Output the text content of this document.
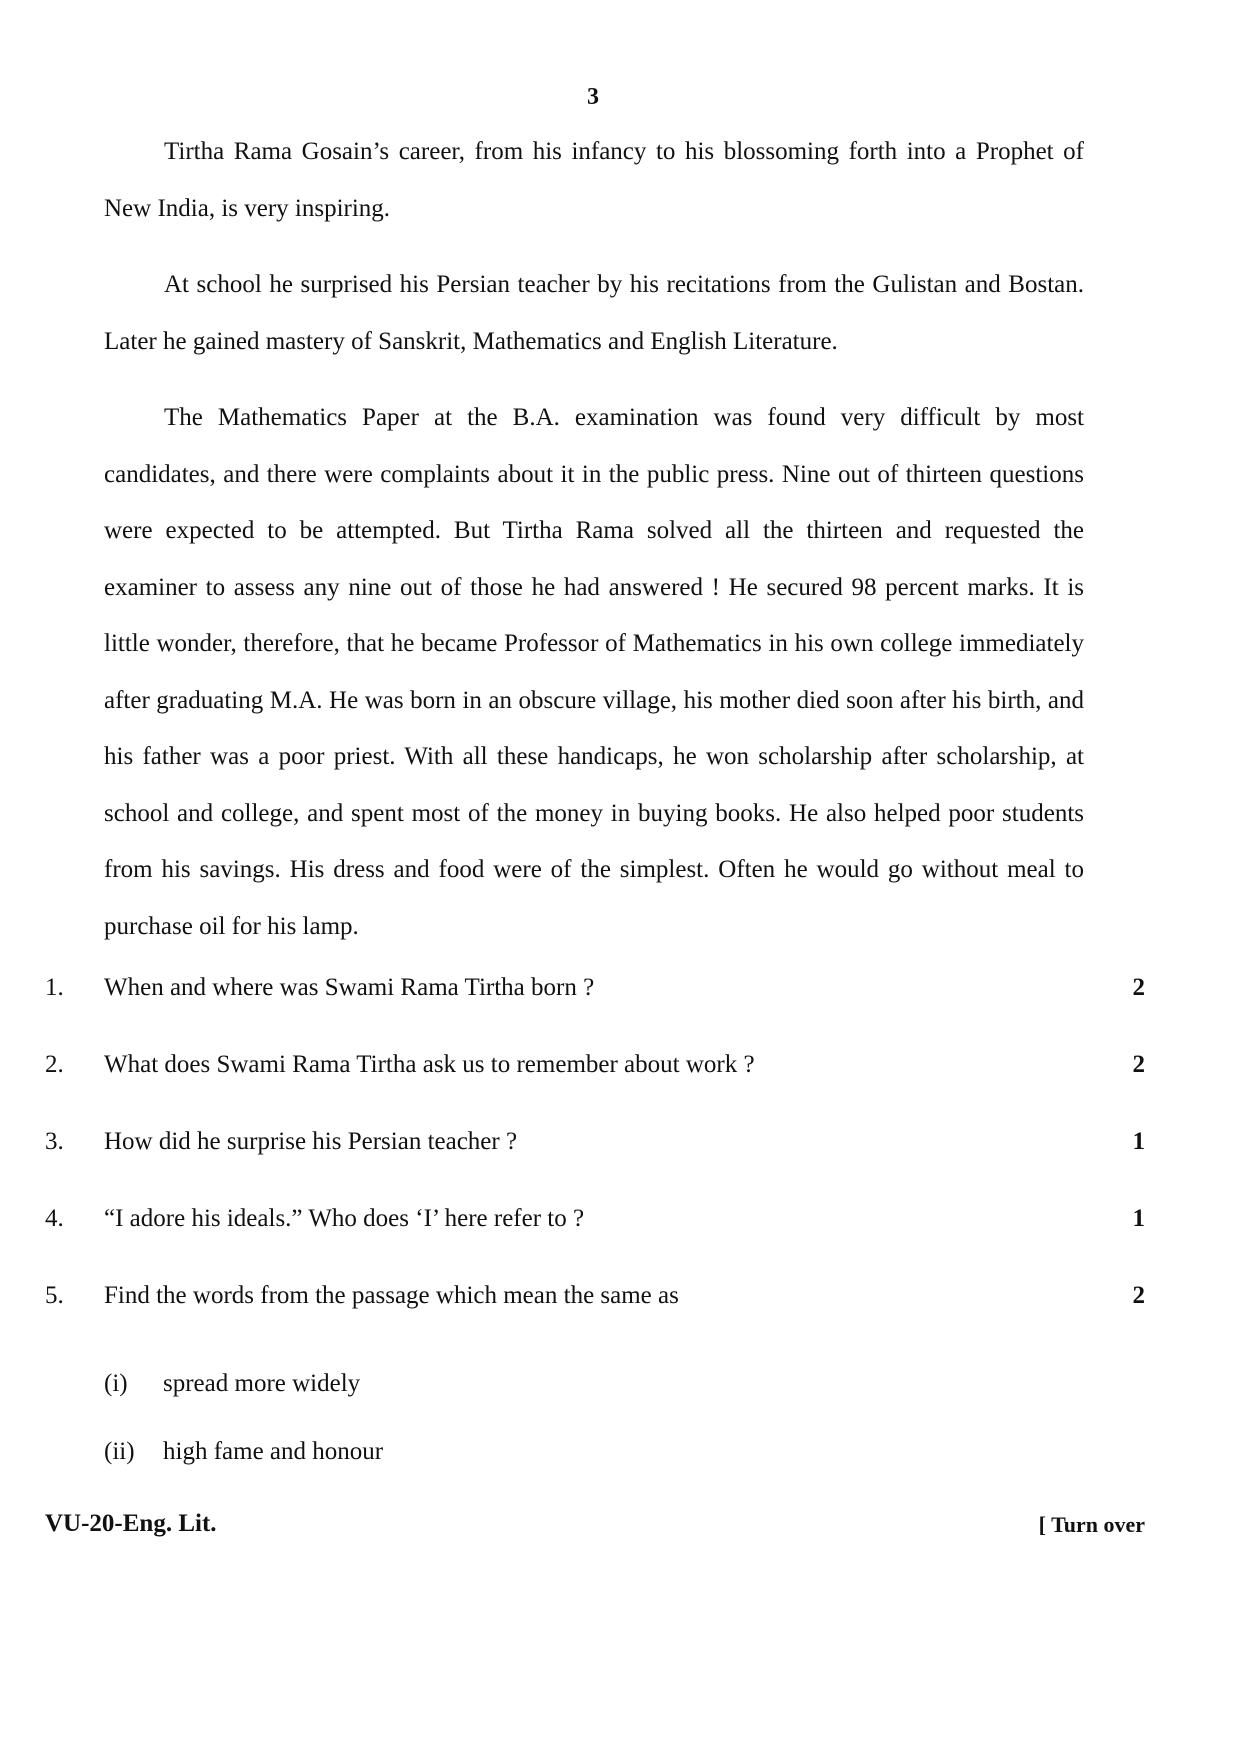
3

Tirtha Rama Gosain’s career, from his infancy to his blossoming forth into a Prophet of New India, is very inspiring.

At school he surprised his Persian teacher by his recitations from the Gulistan and Bostan. Later he gained mastery of Sanskrit, Mathematics and English Literature.

The Mathematics Paper at the B.A. examination was found very difficult by most candidates, and there were complaints about it in the public press. Nine out of thirteen questions were expected to be attempted. But Tirtha Rama solved all the thirteen and requested the examiner to assess any nine out of those he had answered ! He secured 98 percent marks. It is little wonder, therefore, that he became Professor of Mathematics in his own college immediately after graduating M.A. He was born in an obscure village, his mother died soon after his birth, and his father was a poor priest. With all these handicaps, he won scholarship after scholarship, at school and college, and spent most of the money in buying books. He also helped poor students from his savings. His dress and food were of the simplest. Often he would go without meal to purchase oil for his lamp.

1. When and where was Swami Rama Tirtha born ?	2
2. What does Swami Rama Tirtha ask us to remember about work ?	2
3. How did he surprise his Persian teacher ?	1
4. “I adore his ideals.” Who does ‘I’ here refer to ?	1
5. Find the words from the passage which mean the same as	2
(i) spread more widely
(ii) high fame and honour
VU-20-Eng. Lit.	[ Turn over
